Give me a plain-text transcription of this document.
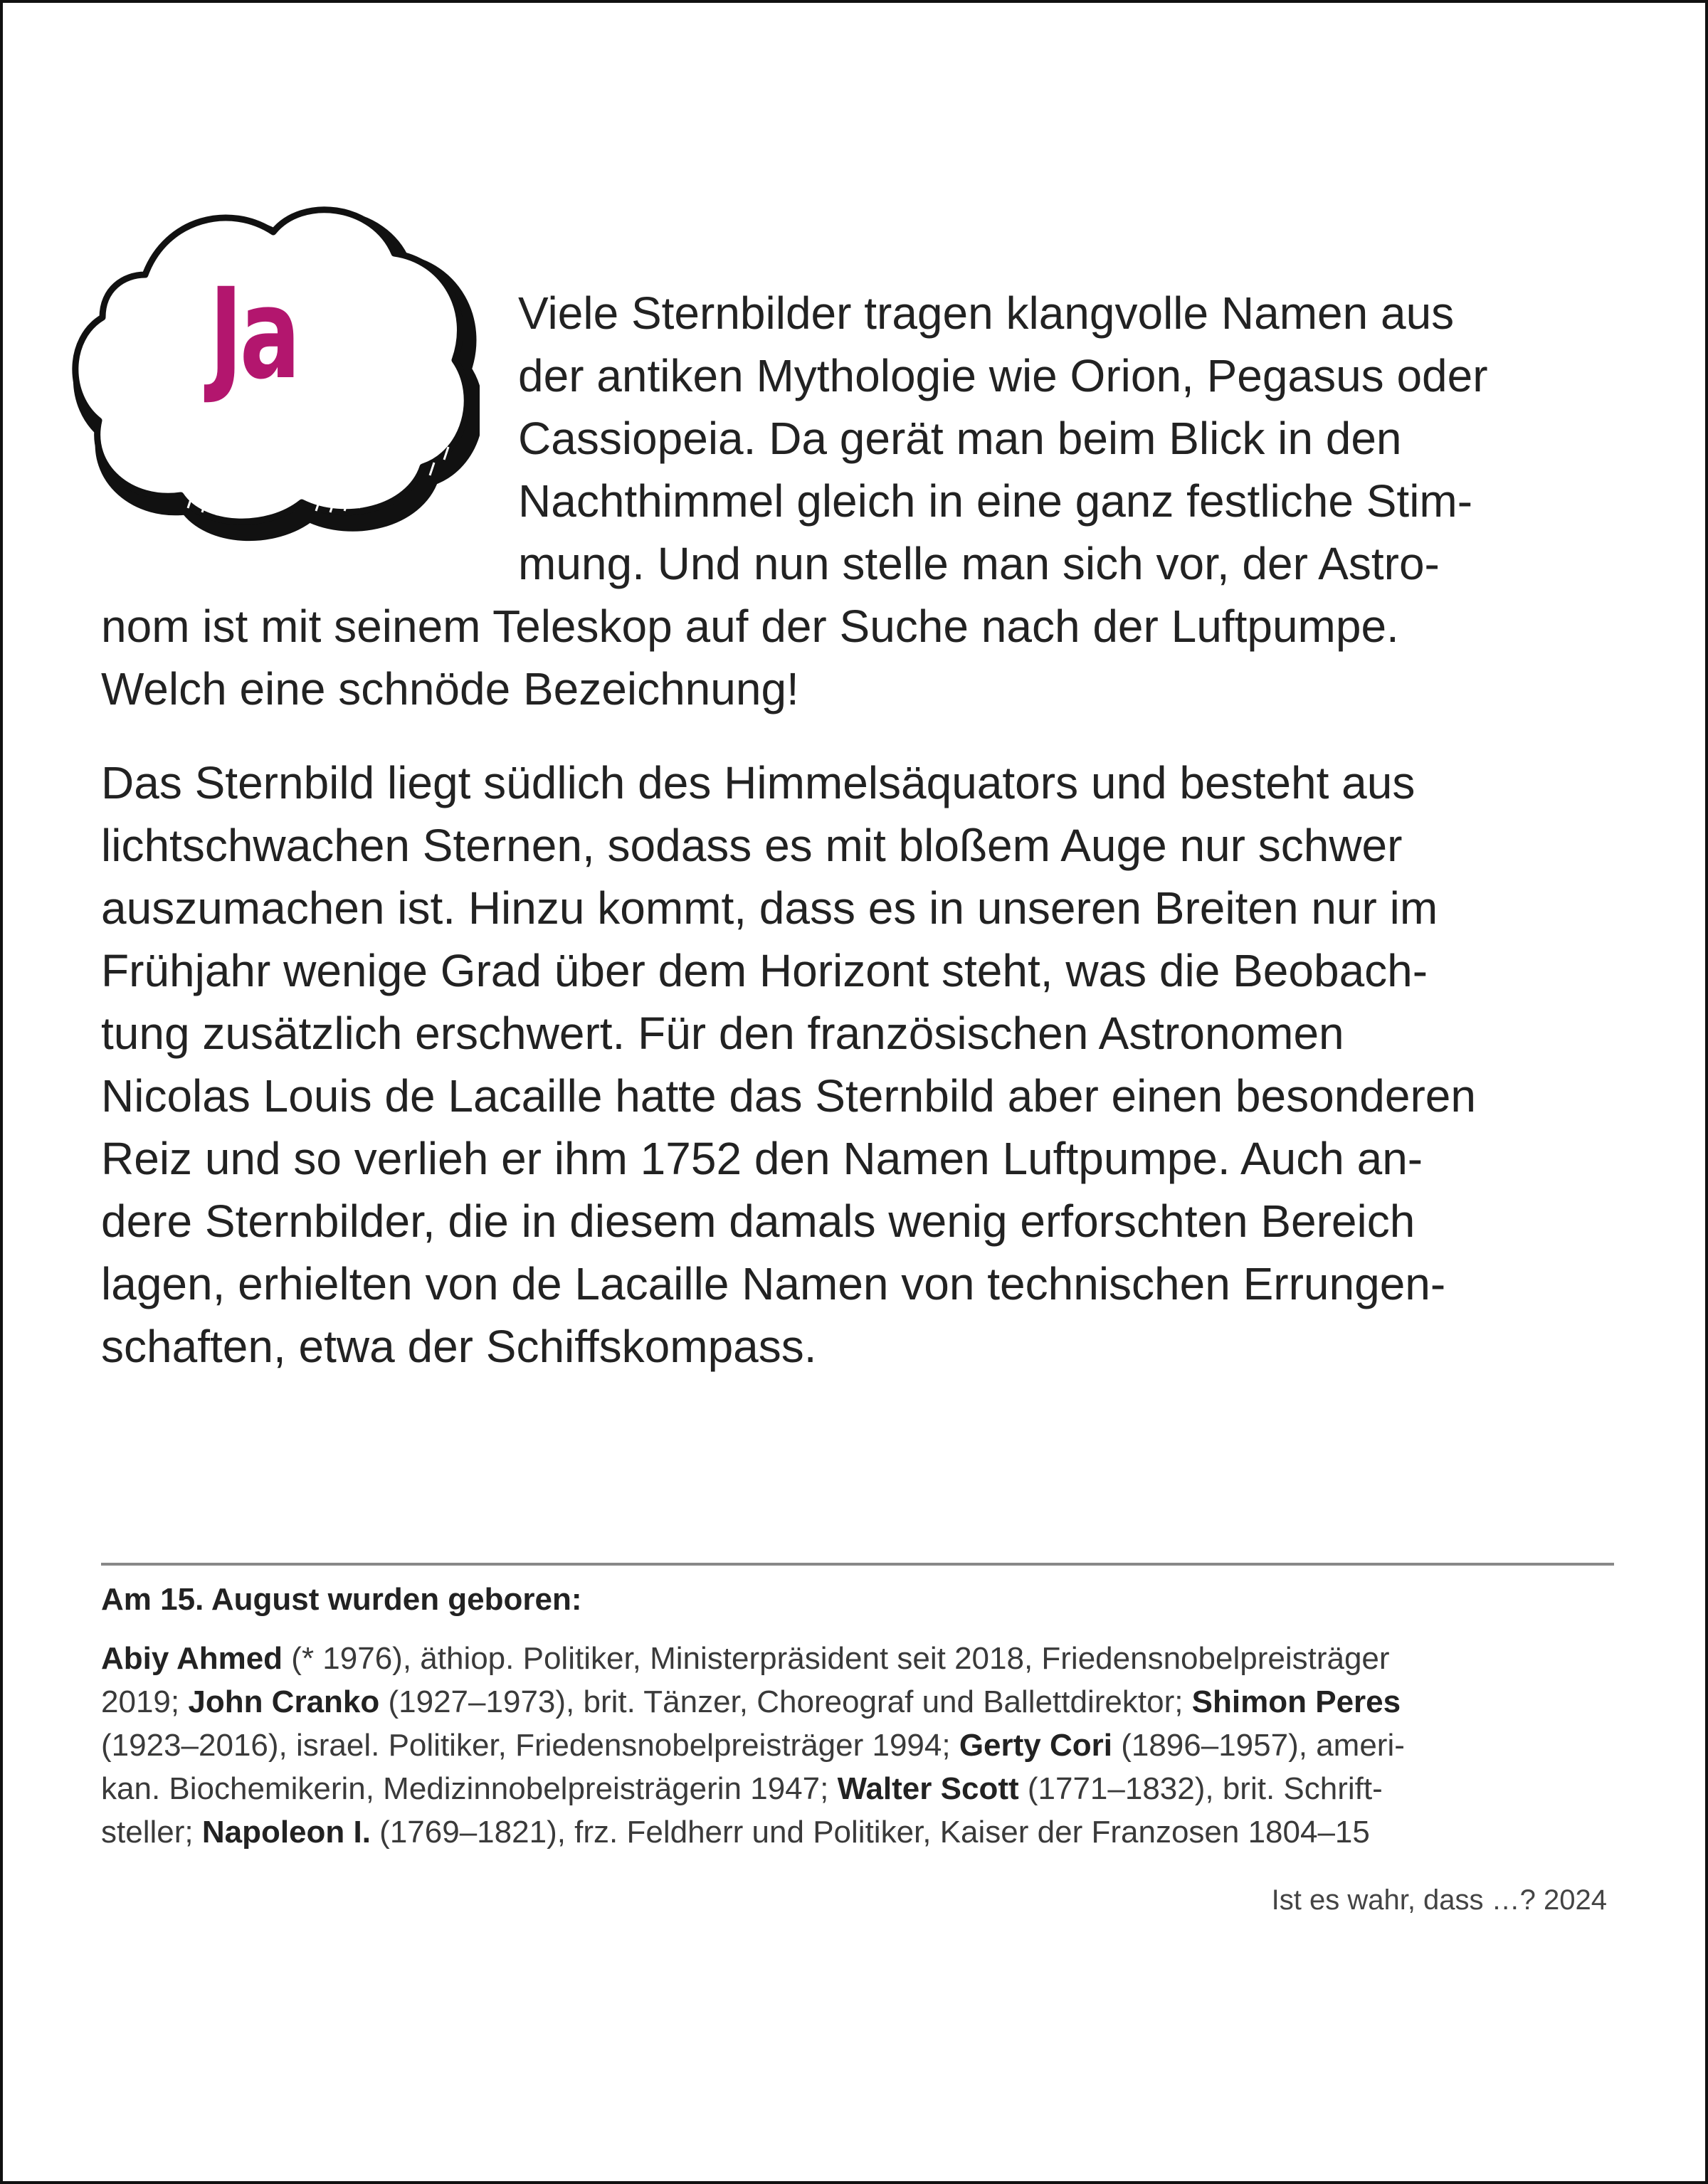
Ja	Viele Sternbilder tragen klangvolle Namen aus
der antiken Mythologie wie Orion, Pegasus oder
Cassiopeia. Da gerät man beim Blick in den
Nachthimmel gleich in eine ganz festliche Stim-
mung. Und nun stelle man sich vor, der Astro-
nom ist mit seinem Teleskop auf der Suche nach der Luftpumpe.
Welch eine schnöde Bezeichnung!

Das Sternbild liegt südlich des Himmelsäquators und besteht aus
lichtschwachen Sternen, sodass es mit bloßem Auge nur schwer
auszumachen ist. Hinzu kommt, dass es in unseren Breiten nur im
Frühjahr wenige Grad über dem Horizont steht, was die Beobach-
tung zusätzlich erschwert. Für den französischen Astronomen
Nicolas Louis de Lacaille hatte das Sternbild aber einen besonderen
Reiz und so verlieh er ihm 1752 den Namen Luftpumpe. Auch an-
dere Sternbilder, die in diesem damals wenig erforschten Bereich
lagen, erhielten von de Lacaille Namen von technischen Errungen-
schaften, etwa der Schiffskompass.

Am 15. August wurden geboren:
Abiy Ahmed (* 1976), äthiop. Politiker, Ministerpräsident seit 2018, Friedensnobelpreisträger
2019; John Cranko (1927–1973), brit. Tänzer, Choreograf und Ballettdirektor; Shimon Peres
(1923–2016), israel. Politiker, Friedensnobelpreisträger 1994; Gerty Cori (1896–1957), ameri-
kan. Biochemikerin, Medizinnobelpreisträgerin 1947; Walter Scott (1771–1832), brit. Schrift-
steller; Napoleon I. (1769–1821), frz. Feldherr und Politiker, Kaiser der Franzosen 1804–15
Ist es wahr, dass …? 2024
